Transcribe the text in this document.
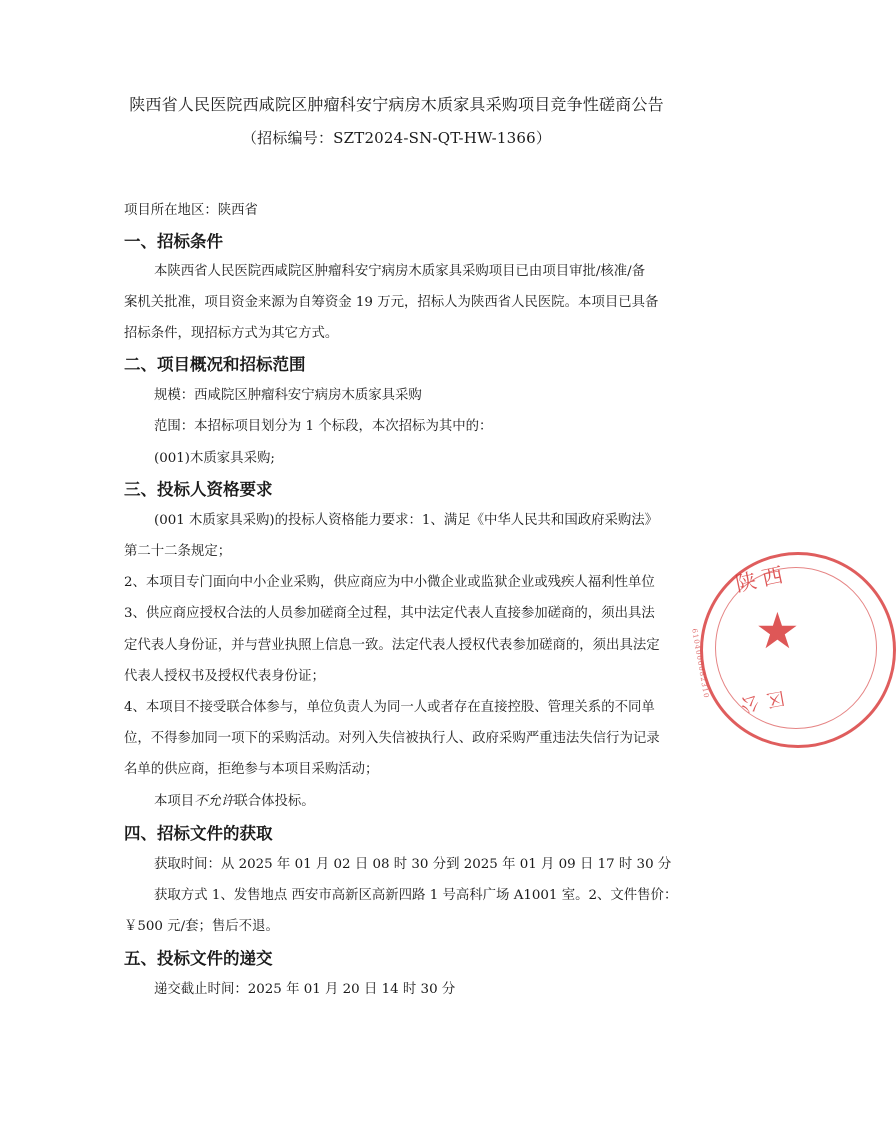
陕西省人民医院西咸院区肿瘤科安宁病房木质家具采购项目竞争性磋商公告
（招标编号：SZT2024-SN-QT-HW-1366）
项目所在地区：陕西省
一、招标条件
本陕西省人民医院西咸院区肿瘤科安宁病房木质家具采购项目已由项目审批/核准/备
案机关批准，项目资金来源为自筹资金 19 万元，招标人为陕西省人民医院。本项目已具备
招标条件，现招标方式为其它方式。
二、项目概况和招标范围
规模：西咸院区肿瘤科安宁病房木质家具采购
范围：本招标项目划分为 1 个标段，本次招标为其中的：
(001)木质家具采购;
三、投标人资格要求
(001 木质家具采购)的投标人资格能力要求：1、满足《中华人民共和国政府采购法》
第二十二条规定；
2、本项目专门面向中小企业采购，供应商应为中小微企业或监狱企业或残疾人福利性单位
3、供应商应授权合法的人员参加磋商全过程，其中法定代表人直接参加磋商的，须出具法
定代表人身份证，并与营业执照上信息一致。法定代表人授权代表参加磋商的，须出具法定
代表人授权书及授权代表身份证；
4、本项目不接受联合体参与，单位负责人为同一人或者存在直接控股、管理关系的不同单
位，不得参加同一项下的采购活动。对列入失信被执行人、政府采购严重违法失信行为记录
名单的供应商，拒绝参与本项目采购活动；
本项目不允许联合体投标。
四、招标文件的获取
获取时间：从 2025 年 01 月 02 日 08 时 30 分到 2025 年 01 月 09 日 17 时 30 分
获取方式 1、发售地点 西安市高新区高新四路 1 号高科广场 A1001 室。2、文件售价：
￥500 元/套；售后不退。
五、投标文件的递交
递交截止时间：2025 年 01 月 20 日 14 时 30 分
陕西
★
6104000082310
区公
